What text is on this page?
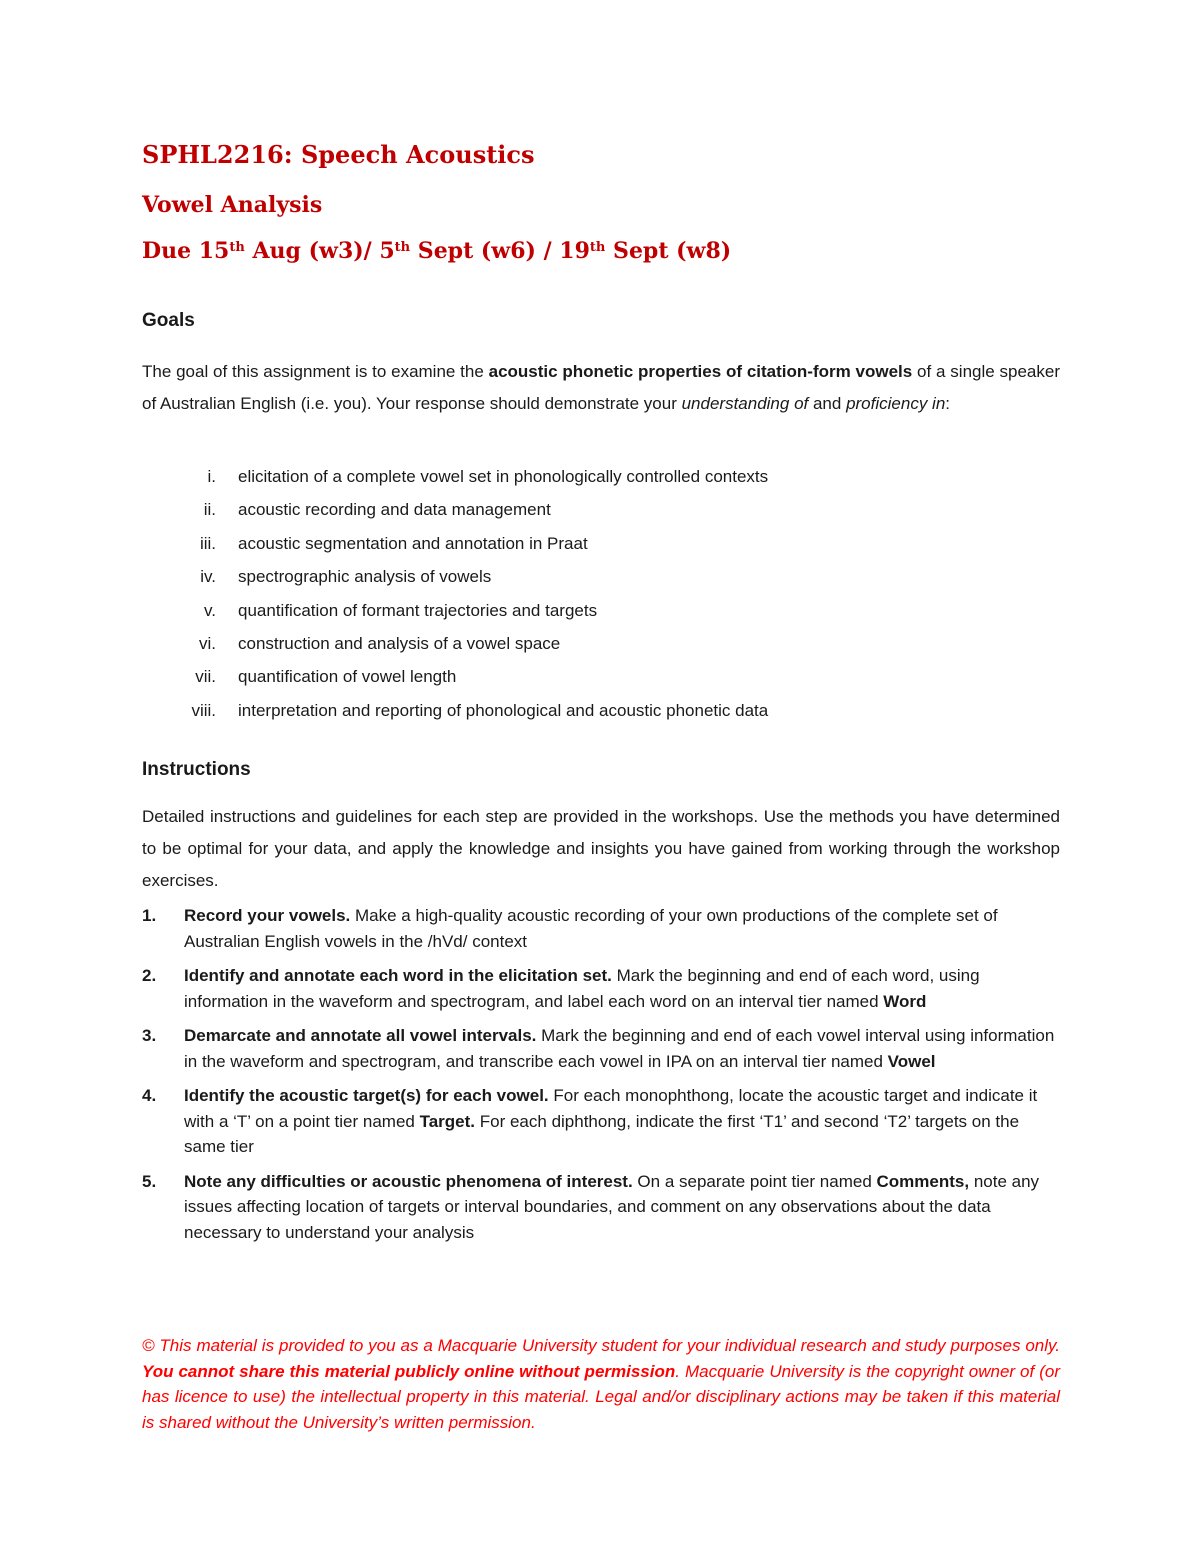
SPHL2216: Speech Acoustics
Vowel Analysis
Due 15th Aug (w3)/ 5th Sept (w6) / 19th Sept (w8)
Goals

The goal of this assignment is to examine the acoustic phonetic properties of citation-form vowels of a single speaker of Australian English (i.e. you). Your response should demonstrate your understanding of and proficiency in:

i. elicitation of a complete vowel set in phonologically controlled contexts
ii. acoustic recording and data management
iii. acoustic segmentation and annotation in Praat
iv. spectrographic analysis of vowels
v. quantification of formant trajectories and targets
vi. construction and analysis of a vowel space
vii. quantification of vowel length
viii. interpretation and reporting of phonological and acoustic phonetic data
Instructions

Detailed instructions and guidelines for each step are provided in the workshops. Use the methods you have determined to be optimal for your data, and apply the knowledge and insights you have gained from working through the workshop exercises.

1. Record your vowels. Make a high-quality acoustic recording of your own productions of the complete set of Australian English vowels in the /hVd/ context
2. Identify and annotate each word in the elicitation set. Mark the beginning and end of each word, using information in the waveform and spectrogram, and label each word on an interval tier named Word
3. Demarcate and annotate all vowel intervals. Mark the beginning and end of each vowel interval using information in the waveform and spectrogram, and transcribe each vowel in IPA on an interval tier named Vowel
4. Identify the acoustic target(s) for each vowel. For each monophthong, locate the acoustic target and indicate it with a ‘T’ on a point tier named Target. For each diphthong, indicate the first ‘T1’ and second ‘T2’ targets on the same tier
5. Note any difficulties or acoustic phenomena of interest. On a separate point tier named Comments, note any issues affecting location of targets or interval boundaries, and comment on any observations about the data necessary to understand your analysis

© This material is provided to you as a Macquarie University student for your individual research and study purposes only. You cannot share this material publicly online without permission. Macquarie University is the copyright owner of (or has licence to use) the intellectual property in this material. Legal and/or disciplinary actions may be taken if this material is shared without the University’s written permission.
